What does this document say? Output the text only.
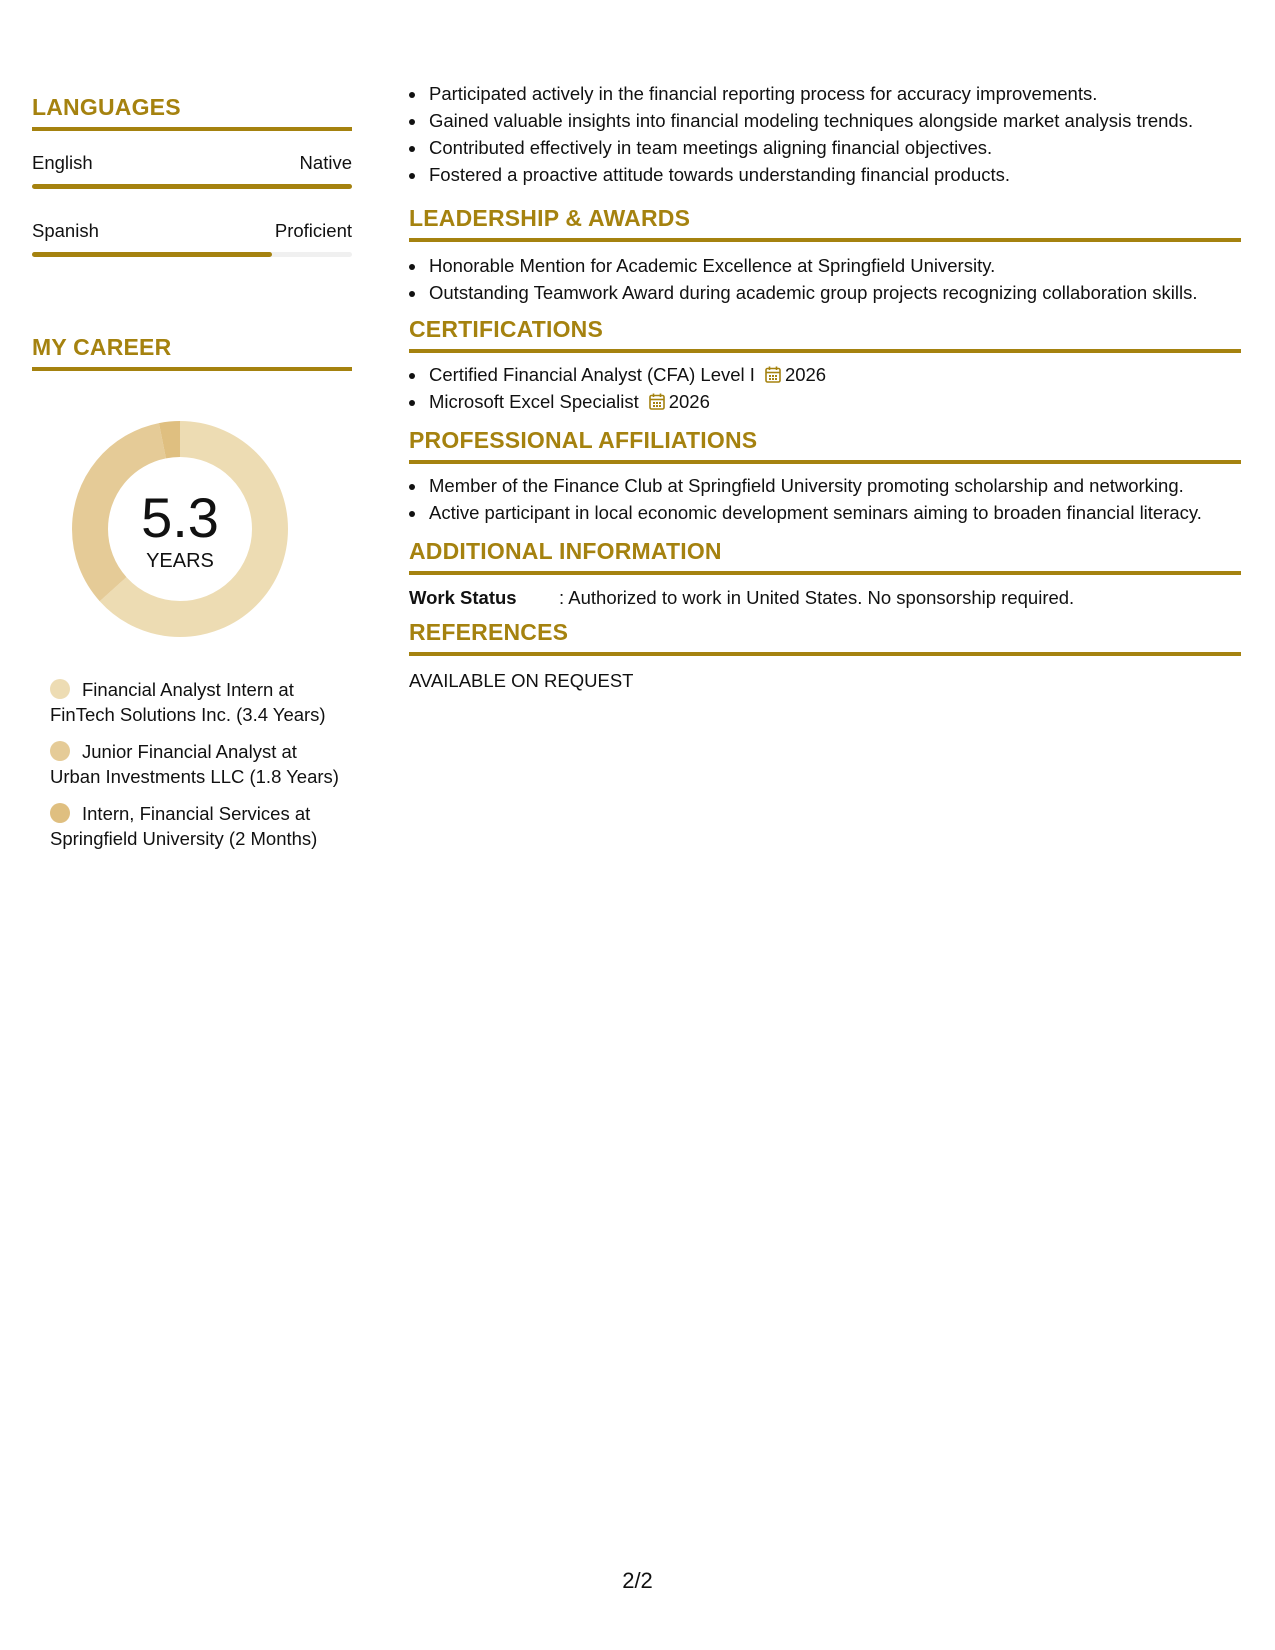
LANGUAGES
English	Native
Spanish	Proficient
MY CAREER
5.3
YEARS
Financial Analyst Intern at FinTech Solutions Inc. (3.4 Years)
Junior Financial Analyst at Urban Investments LLC (1.8 Years)
Intern, Financial Services at Springfield University (2 Months)
• Participated actively in the financial reporting process for accuracy improvements.
• Gained valuable insights into financial modeling techniques alongside market analysis trends.
• Contributed effectively in team meetings aligning financial objectives.
• Fostered a proactive attitude towards understanding financial products.
LEADERSHIP & AWARDS
• Honorable Mention for Academic Excellence at Springfield University.
• Outstanding Teamwork Award during academic group projects recognizing collaboration skills.
CERTIFICATIONS
• Certified Financial Analyst (CFA) Level I 2026
• Microsoft Excel Specialist 2026
PROFESSIONAL AFFILIATIONS
• Member of the Finance Club at Springfield University promoting scholarship and networking.
• Active participant in local economic development seminars aiming to broaden financial literacy.
ADDITIONAL INFORMATION
Work Status : Authorized to work in United States. No sponsorship required.
REFERENCES
AVAILABLE ON REQUEST
2/2
